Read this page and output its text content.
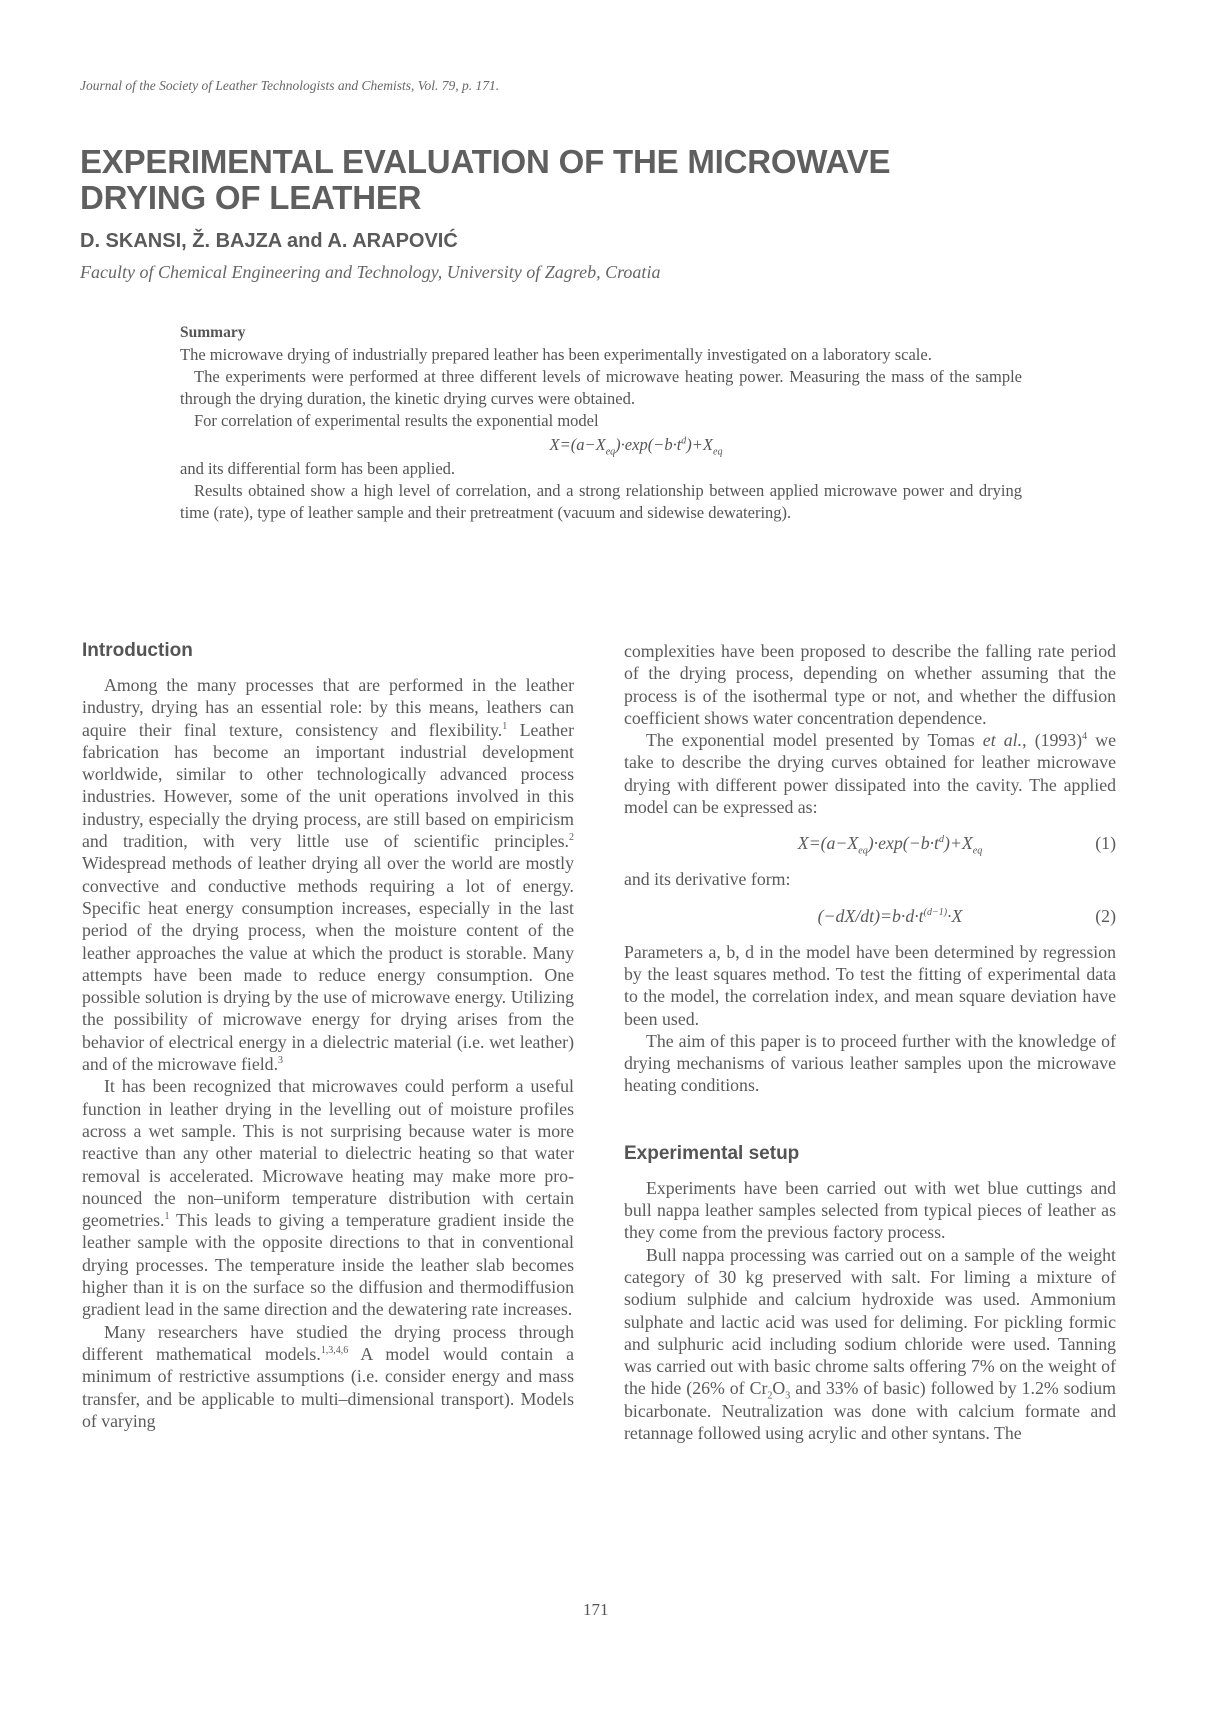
Journal of the Society of Leather Technologists and Chemists, Vol. 79, p. 171.
EXPERIMENTAL EVALUATION OF THE MICROWAVE DRYING OF LEATHER
D. SKANSI, Ž. BAJZA and A. ARAPOVIĆ
Faculty of Chemical Engineering and Technology, University of Zagreb, Croatia
Summary

The microwave drying of industrially prepared leather has been experimentally investigated on a laboratory scale.

The experiments were performed at three different levels of microwave heating power. Measuring the mass of the sample through the drying duration, the kinetic drying curves were obtained.

For correlation of experimental results the exponential model

$X=(a-X_{eq})\cdot\exp(-b\cdot t^d)+X_{eq}$

and its differential form has been applied.

Results obtained show a high level of correlation, and a strong relationship between applied microwave power and drying time (rate), type of leather sample and their pretreatment (vacuum and sidewise dewatering).

Introduction

Among the many processes that are performed in the leather industry, drying has an essential role: by this means, leathers can aquire their final texture, consistency and flexibility.$^1$ Leather fabrication has become an important industrial development worldwide, similar to other technologically advanced process industries. However, some of the unit operations involved in this industry, especially the drying process, are still based on empiricism and tradition, with very little use of scientific principles.$^2$ Widespread methods of leather drying all over the world are mostly convective and conductive methods requiring a lot of energy. Specific heat energy consumption increases, especially in the last period of the drying process, when the moisture content of the leather approaches the value at which the product is storable. Many attempts have been made to reduce energy consumption. One possible solution is drying by the use of microwave energy. Utilizing the possibility of microwave energy for drying arises from the behavior of electrical energy in a dielectric material (i.e. wet leather) and of the microwave field.$^3$

It has been recognized that microwaves could perform a useful function in leather drying in the levelling out of moisture profiles across a wet sample. This is not surprising because water is more reactive than any other material to dielectric heating so that water removal is accelerated. Microwave heating may make more pro-nounced the non–uniform temperature distribution with certain geometries.$^1$ This leads to giving a temperature gradient inside the leather sample with the opposite directions to that in conventional drying processes. The temperature inside the leather slab becomes higher than it is on the surface so the diffusion and thermodiffusion gradient lead in the same direction and the dewatering rate increases.

Many researchers have studied the drying process through different mathematical models.$^{1,3,4,6}$ A model would contain a minimum of restrictive assumptions (i.e. consider energy and mass transfer, and be applicable to multi–dimensional transport). Models of varying

complexities have been proposed to describe the falling rate period of the drying process, depending on whether assuming that the process is of the isothermal type or not, and whether the diffusion coefficient shows water concentration dependence.

The exponential model presented by Tomas et al., $(1993)^4$ we take to describe the drying curves obtained for leather microwave drying with different power dissipated into the cavity. The applied model can be expressed as:

$X=(a-X_{eq})\cdot\exp(-b\cdot t^d)+X_{eq}$	(1)

and its derivative form:

$(-dX/dt)=b\cdot d\cdot t^{(d-1)}\cdot X$	(2)

Parameters a, b, d in the model have been determined by regression by the least squares method. To test the fitting of experimental data to the model, the correlation index, and mean square deviation have been used.

The aim of this paper is to proceed further with the knowledge of drying mechanisms of various leather samples upon the microwave heating conditions.

Experimental setup

Experiments have been carried out with wet blue cuttings and bull nappa leather samples selected from typical pieces of leather as they come from the previous factory process.

Bull nappa processing was carried out on a sample of the weight category of 30 kg preserved with salt. For liming a mixture of sodium sulphide and calcium hydroxide was used. Ammonium sulphate and lactic acid was used for deliming. For pickling formic and sulphuric acid including sodium chloride were used. Tanning was carried out with basic chrome salts offering 7% on the weight of the hide (26% of $Cr_2O_3$ and 33% of basic) followed by 1.2% sodium bicarbonate. Neutralization was done with calcium formate and retannage followed using acrylic and other syntans. The

171
